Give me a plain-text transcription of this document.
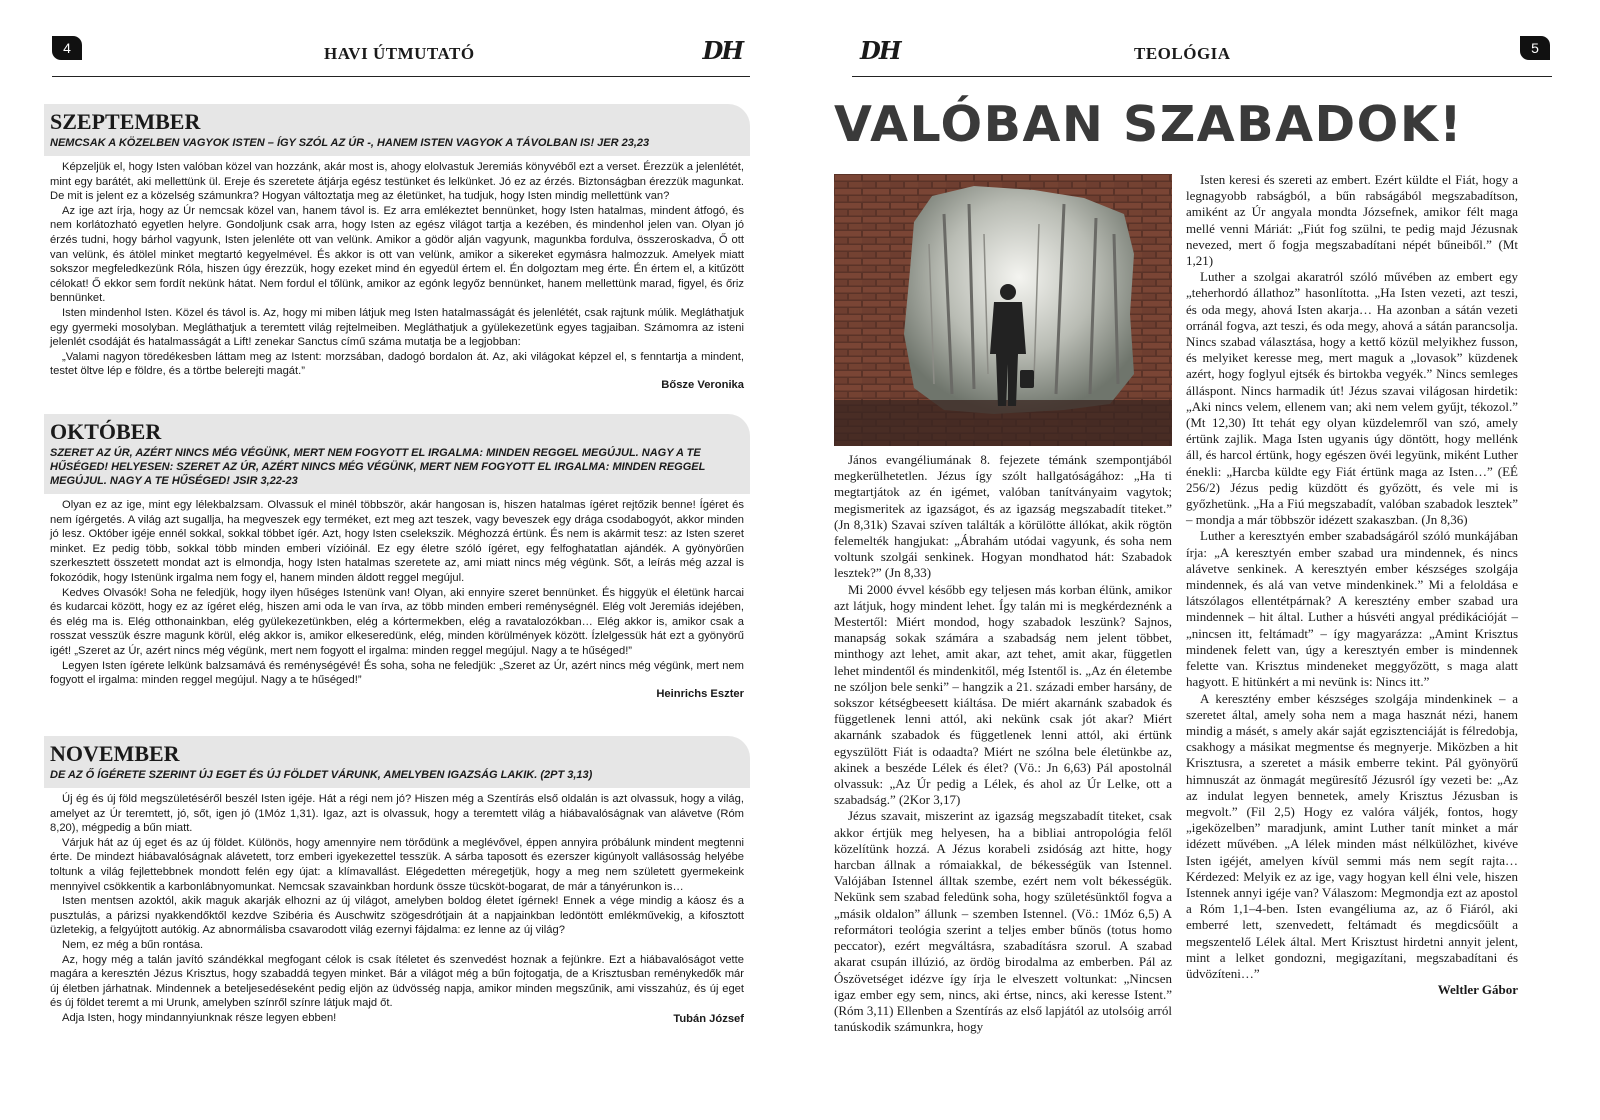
4	HAVI ÚTMUTATÓ	DH
SZEPTEMBER
NEMCSAK A KÖZELBEN VAGYOK ISTEN – ÍGY SZÓL AZ ÚR -, HANEM ISTEN VAGYOK A TÁVOLBAN IS! JER 23,23

Képzeljük el, hogy Isten valóban közel van hozzánk, akár most is, ahogy elolvastuk Jeremiás könyvéből ezt a verset. Érezzük a jelenlétét, mint egy barátét, aki mellettünk ül. Ereje és szeretete átjárja egész testünket és lelkünket. Jó ez az érzés. Biztonságban érezzük magunkat. De mit is jelent ez a közelség számunkra? Hogyan változtatja meg az életünket, ha tudjuk, hogy Isten mindig mellettünk van?

Az ige azt írja, hogy az Úr nemcsak közel van, hanem távol is. Ez arra emlékeztet bennünket, hogy Isten hatalmas, mindent átfogó, és nem korlátozható egyetlen helyre. Gondoljunk csak arra, hogy Isten az egész világot tartja a kezében, és mindenhol jelen van. Olyan jó érzés tudni, hogy bárhol vagyunk, Isten jelenléte ott van velünk. Amikor a gödör alján vagyunk, magunkba fordulva, összeroskadva, Ő ott van velünk, és átölel minket megtartó kegyelmével. És akkor is ott van velünk, amikor a sikereket egymásra halmozzuk. Amelyek miatt sokszor megfeledkezünk Róla, hiszen úgy érezzük, hogy ezeket mind én egyedül értem el. Én dolgoztam meg érte. Én értem el, a kitűzött célokat! Ő ekkor sem fordít nekünk hátat. Nem fordul el tőlünk, amikor az egónk legyőz bennünket, hanem mellettünk marad, figyel, és őriz bennünket.

Isten mindenhol Isten. Közel és távol is. Az, hogy mi miben látjuk meg Isten hatalmasságát és jelenlétét, csak rajtunk múlik. Megláthatjuk egy gyermeki mosolyban. Megláthatjuk a teremtett világ rejtelmeiben. Megláthatjuk a gyülekezetünk egyes tagjaiban. Számomra az isteni jelenlét csodáját és hatalmasságát a Lift! zenekar Sanctus című száma mutatja be a legjobban:

„Valami nagyon töredékesben láttam meg az Istent: morzsában, dadogó bordalon át. Az, aki világokat képzel el, s fenntartja a mindent, testet öltve lép e földre, és a törtbe belerejti magát.”

Bősze Veronika
OKTÓBER
SZERET AZ ÚR, AZÉRT NINCS MÉG VÉGÜNK, MERT NEM FOGYOTT EL IRGALMA: MINDEN REGGEL MEGÚJUL. NAGY A TE HŰSÉGED! HELYESEN: SZERET AZ ÚR, AZÉRT NINCS MÉG VÉGÜNK, MERT NEM FOGYOTT EL IRGALMA: MINDEN REGGEL MEGÚJUL. NAGY A TE HŰSÉGED! JSIR 3,22-23

Olyan ez az ige, mint egy lélekbalzsam. Olvassuk el minél többször, akár hangosan is, hiszen hatalmas ígéret rejtőzik benne! Ígéret és nem ígérgetés. A világ azt sugallja, ha megveszek egy terméket, ezt meg azt teszek, vagy beveszek egy drága csodabogyót, akkor minden jó lesz. Október igéje ennél sokkal, sokkal többet ígér. Azt, hogy Isten cselekszik. Méghozzá értünk. És nem is akármit tesz: az Isten szeret minket. Ez pedig több, sokkal több minden emberi vízióinál. Ez egy életre szóló ígéret, egy felfoghatatlan ajándék. A gyönyörűen szerkesztett összetett mondat azt is elmondja, hogy Isten hatalmas szeretete az, ami miatt nincs még végünk. Sőt, a leírás még azzal is fokozódik, hogy Istenünk irgalma nem fogy el, hanem minden áldott reggel megújul.

Kedves Olvasók! Soha ne feledjük, hogy ilyen hűséges Istenünk van! Olyan, aki ennyire szeret bennünket. És higgyük el életünk harcai és kudarcai között, hogy ez az ígéret elég, hiszen ami oda le van írva, az több minden emberi reménységnél. Elég volt Jeremiás idejében, és elég ma is. Elég otthonainkban, elég gyülekezetünkben, elég a kórtermekben, elég a ravatalozókban… Elég akkor is, amikor csak a rosszat vesszük észre magunk körül, elég akkor is, amikor elkeseredünk, elég, minden körülmények között. Ízlelgessük hát ezt a gyönyörű igét! „Szeret az Úr, azért nincs még végünk, mert nem fogyott el irgalma: minden reggel megújul. Nagy a te hűséged!”

Legyen Isten ígérete lelkünk balzsamává és reménységévé! És soha, soha ne feledjük: „Szeret az Úr, azért nincs még végünk, mert nem fogyott el irgalma: minden reggel megújul. Nagy a te hűséged!”

Heinrichs Eszter
NOVEMBER
DE AZ Ő ÍGÉRETE SZERINT ÚJ EGET ÉS ÚJ FÖLDET VÁRUNK, AMELYBEN IGAZSÁG LAKIK. (2PT 3,13)

Új ég és új föld megszületéséről beszél Isten igéje. Hát a régi nem jó? Hiszen még a Szentírás első oldalán is azt olvassuk, hogy a világ, amelyet az Úr teremtett, jó, sőt, igen jó (1Móz 1,31). Igaz, azt is olvassuk, hogy a teremtett világ a hiábavalóságnak van alávetve (Róm 8,20), mégpedig a bűn miatt.

Várjuk hát az új eget és az új földet. Különös, hogy amennyire nem törődünk a meglévővel, éppen annyira próbálunk mindent megtenni érte. De mindezt hiábavalóságnak alávetett, torz emberi igyekezettel tesszük. A sárba taposott és ezerszer kigúnyolt vallásosság helyébe toltunk a világ fejlettebbnek mondott felén egy újat: a klímavallást. Elégedetten méregetjük, hogy a meg nem született gyermekeink mennyivel csökkentik a karbonlábnyomunkat. Nemcsak szavainkban hordunk össze tücsköt-bogarat, de már a tányérunkon is…

Isten mentsen azoktól, akik maguk akarják elhozni az új világot, amelyben boldog életet ígérnek! Ennek a vége mindig a káosz és a pusztulás, a párizsi nyakkendőktől kezdve Szibéria és Auschwitz szögesdrótjain át a napjainkban ledöntött emlékművekig, a kifosztott üzletekig, a felgyújtott autókig. Az abnormálisba csavarodott világ ezernyi fájdalma: ez lenne az új világ?

Nem, ez még a bűn rontása.

Az, hogy még a talán javító szándékkal megfogant célok is csak ítéletet és szenvedést hoznak a fejünkre. Ezt a hiábavalóságot vette magára a keresztén Jézus Krisztus, hogy szabaddá tegyen minket. Bár a világot még a bűn fojtogatja, de a Krisztusban reménykedők már új életben járhatnak. Mindennek a beteljesedéseként pedig eljön az üdvösség napja, amikor minden megszűnik, ami visszahúz, és új eget és új földet teremt a mi Urunk, amelyben színről színre látjuk majd őt.

Adja Isten, hogy mindannyiunknak része legyen ebben!	Tubán József
DH	TEOLÓGIA	5
VALÓBAN SZABADOK!

János evangéliumának 8. fejezete témánk szempontjából megkerülhetetlen. Jézus így szólt hallgatóságához: „Ha ti megtartjátok az én igémet, valóban tanítványaim vagytok; megismeritek az igazságot, és az igazság megszabadít titeket.” (Jn 8,31k) Szavai szíven találták a körülötte állókat, akik rögtön felemelték hangjukat: „Ábrahám utódai vagyunk, és soha nem voltunk szolgái senkinek. Hogyan mondhatod hát: Szabadok lesztek?” (Jn 8,33)

Mi 2000 évvel később egy teljesen más korban élünk, amikor azt látjuk, hogy mindent lehet. Így talán mi is megkérdeznénk a Mestertől: Miért mondod, hogy szabadok leszünk? Sajnos, manapság sokak számára a szabadság nem jelent többet, minthogy azt lehet, amit akar, azt tehet, amit akar, független lehet mindentől és mindenkitől, még Istentől is. „Az én életembe ne szóljon bele senki” – hangzik a 21. századi ember harsány, de sokszor kétségbeesett kiáltása. De miért akarnánk szabadok és függetlenek lenni attól, aki nekünk csak jót akar? Miért akarnánk szabadok és függetlenek lenni attól, aki értünk egyszülött Fiát is odaadta? Miért ne szólna bele életünkbe az, akinek a beszéde Lélek és élet? (Vö.: Jn 6,63) Pál apostolnál olvassuk: „Az Úr pedig a Lélek, és ahol az Úr Lelke, ott a szabadság.” (2Kor 3,17)

Jézus szavait, miszerint az igazság megszabadít titeket, csak akkor értjük meg helyesen, ha a bibliai antropológia felől közelítünk hozzá. A Jézus korabeli zsidóság azt hitte, hogy harcban állnak a rómaiakkal, de békességük van Istennel. Valójában Istennel álltak szembe, ezért nem volt békességük. Nekünk sem szabad feledünk soha, hogy születésünktől fogva a „másik oldalon” állunk – szemben Istennel. (Vö.: 1Móz 6,5) A reformátori teológia szerint a teljes ember bűnös (totus homo peccator), ezért megváltásra, szabadításra szorul. A szabad akarat csupán illúzió, az ördög birodalma az emberben. Pál az Ószövetséget idézve így írja le elveszett voltunkat: „Nincsen igaz ember egy sem, nincs, aki értse, nincs, aki keresse Istent.” (Róm 3,11) Ellenben a Szentírás az első lapjától az utolsóig arról tanúskodik számunkra, hogy

Isten keresi és szereti az embert. Ezért küldte el Fiát, hogy a legnagyobb rabságból, a bűn rabságából megszabadítson, amiként az Úr angyala mondta Józsefnek, amikor félt maga mellé venni Máriát: „Fiút fog szülni, te pedig majd Jézusnak nevezed, mert ő fogja megszabadítani népét bűneiből.” (Mt 1,21)

Luther a szolgai akaratról szóló művében az embert egy „teherhordó állathoz” hasonlította. „Ha Isten vezeti, azt teszi, és oda megy, ahová Isten akarja… Ha azonban a sátán vezeti orránál fogva, azt teszi, és oda megy, ahová a sátán parancsolja. Nincs szabad választása, hogy a kettő közül melyikhez fusson, és melyiket keresse meg, mert maguk a „lovasok” küzdenek azért, hogy foglyul ejtsék és birtokba vegyék.” Nincs semleges álláspont. Nincs harmadik út! Jézus szavai világosan hirdetik: „Aki nincs velem, ellenem van; aki nem velem gyűjt, tékozol.” (Mt 12,30) Itt tehát egy olyan küzdelemről van szó, amely értünk zajlik. Maga Isten ugyanis úgy döntött, hogy mellénk áll, és harcol értünk, hogy egészen övéi legyünk, miként Luther énekli: „Harcba küldte egy Fiát értünk maga az Isten…” (EÉ 256/2) Jézus pedig küzdött és győzött, és vele mi is győzhetünk. „Ha a Fiú megszabadít, valóban szabadok lesztek” – mondja a már többször idézett szakaszban. (Jn 8,36)

Luther a keresztyén ember szabadságáról szóló munkájában írja: „A keresztyén ember szabad ura mindennek, és nincs alávetve senkinek. A keresztyén ember készséges szolgája mindennek, és alá van vetve mindenkinek.” Mi a feloldása e látszólagos ellentétpárnak? A keresztény ember szabad ura mindennek – hit által. Luther a húsvéti angyal prédikációját – „nincsen itt, feltámadt” – így magyarázza: „Amint Krisztus mindenek felett van, úgy a keresztyén ember is mindennek felette van. Krisztus mindeneket meggyőzött, s maga alatt hagyott. E hitünkért a mi nevünk is: Nincs itt.”

A keresztény ember készséges szolgája mindenkinek – a szeretet által, amely soha nem a maga hasznát nézi, hanem mindig a másét, s amely akár saját egzisztenciáját is félredobja, csakhogy a másikat megmentse és megnyerje. Miközben a hit Krisztusra, a szeretet a másik emberre tekint. Pál gyönyörű himnuszát az önmagát megüresítő Jézusról így vezeti be: „Az az indulat legyen bennetek, amely Krisztus Jézusban is megvolt.” (Fil 2,5) Hogy ez valóra váljék, fontos, hogy „igeközelben” maradjunk, amint Luther tanít minket a már idézett művében. „A lélek minden mást nélkülözhet, kivéve Isten igéjét, amelyen kívül semmi más nem segít rajta… Kérdezed: Melyik ez az ige, vagy hogyan kell élni vele, hiszen Istennek annyi igéje van? Válaszom: Megmondja ezt az apostol a Róm 1,1–4-ben. Isten evangéliuma az, az ő Fiáról, aki emberré lett, szenvedett, feltámadt és megdicsőült a megszentelő Lélek által. Mert Krisztust hirdetni annyit jelent, mint a lelket gondozni, megigazítani, megszabadítani és üdvözíteni…”

Weltler Gábor
